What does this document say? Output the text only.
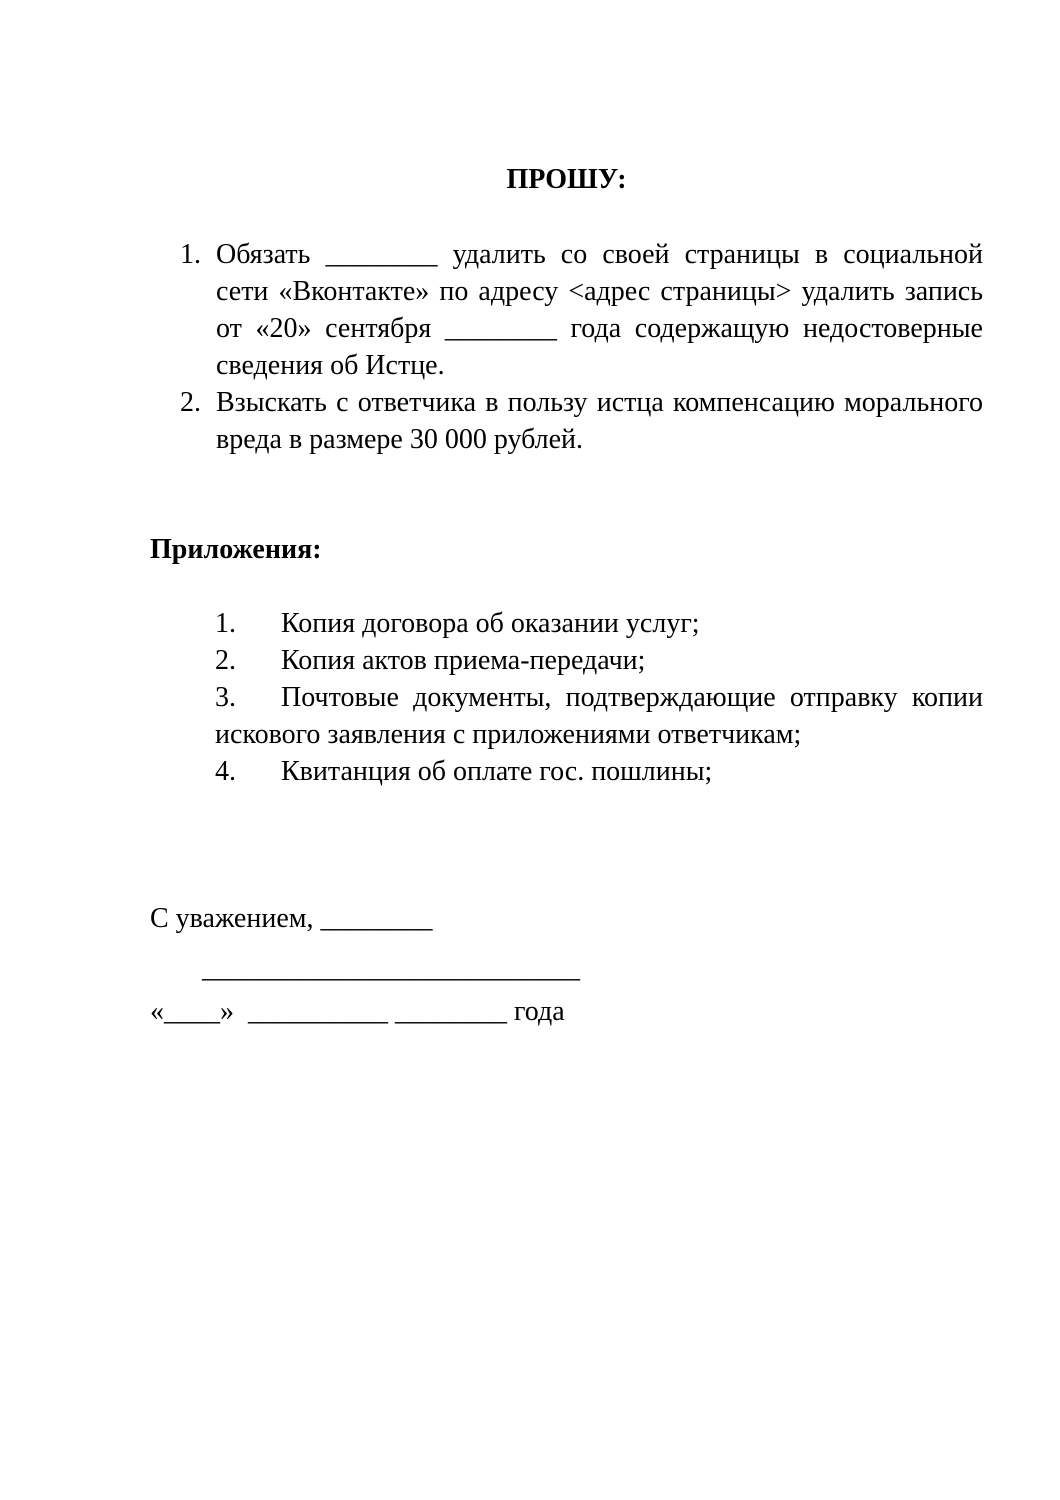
ПРОШУ:
1. Обязать ________ удалить со своей страницы в социальной сети «Вконтакте» по адресу <адрес страницы> удалить запись от «20» сентября ________ года содержащую недостоверные сведения об Истце.
2. Взыскать с ответчика в пользу истца компенсацию морального вреда в размере 30 000 рублей.
Приложения:
1. Копия договора об оказании услуг;
2. Копия актов приема-передачи;
3. Почтовые документы, подтверждающие отправку копии искового заявления с приложениями ответчикам;
4. Квитанция об оплате гос. пошлины;

С уважением, ________

___________________________

«____»  __________ ________ года
